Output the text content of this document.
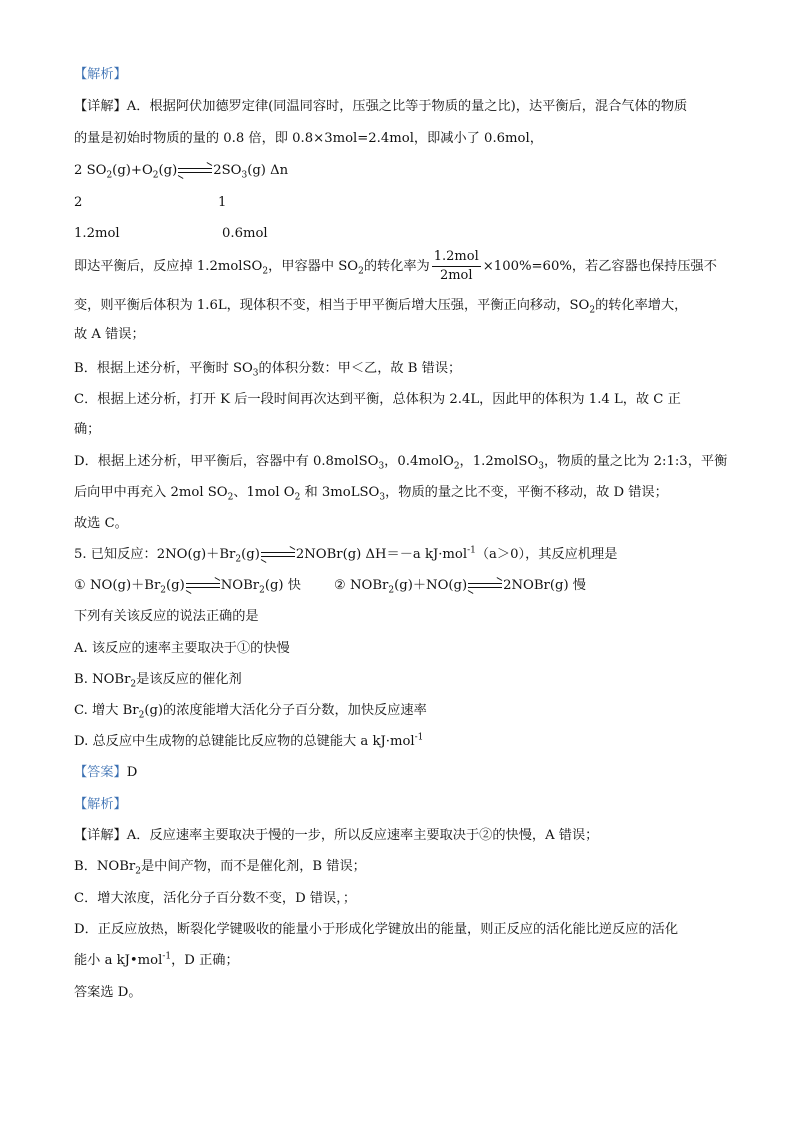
【解析】
【详解】A．根据阿伏加德罗定律(同温同容时，压强之比等于物质的量之比)，达平衡后，混合气体的物质
的量是初始时物质的量的 0.8 倍，即 0.8×3mol=2.4mol，即减小了 0.6mol，
2 $SO_2(g)+O_2(g)$	$2SO_3(g)$ Δn
2	1
1.2mol	0.6mol
即达平衡后，反应掉 1.2molSO$_2$，甲容器中 $SO_2$的转化率为 $\frac{\text{1.2mol}}{\text{2mol}} \times 100\%=60\%$，若乙容器也保持压强不
变，则平衡后体积为 1.6L，现体积不变，相当于甲平衡后增大压强，平衡正向移动，$SO_2$的转化率增大，
故 A 错误；
B．根据上述分析，平衡时 $SO_3$的体积分数：甲＜乙，故 B 错误；
C．根据上述分析，打开 K 后一段时间再次达到平衡，总体积为 2.4L，因此甲的体积为 1.4 L，故 C 正
确；
D．根据上述分析，甲平衡后，容器中有 0.8molSO$_3$，0.4molO$_2$，1.2molSO$_3$，物质的量之比为 2:1:3，平衡
后向甲中再充入 2mol $SO_2$、1mol $O_2$ 和 3moLSO$_3$，物质的量之比不变，平衡不移动，故 D 错误；
故选 C。
5. 已知反应：$2NO(g)+Br_2(g)$	2NOBr(g) ΔH＝－a kJ·mol$^{-1}$（a＞0），其反应机理是
① $NO(g)+Br_2(g)$	NOBr$_2$(g) 快	② NOBr$_2$(g)＋NO(g)	2NOBr(g) 慢
下列有关该反应的说法正确的是
A. 该反应的速率主要取决于①的快慢
B. NOBr$_2$是该反应的催化剂
C. 增大 $Br_2(g)$的浓度能增大活化分子百分数，加快反应速率
D. 总反应中生成物的总键能比反应物的总键能大 a kJ·mol$^{-1}$
【答案】D
【解析】
【详解】A．反应速率主要取决于慢的一步，所以反应速率主要取决于②的快慢，A 错误；
B．NOBr$_2$是中间产物，而不是催化剂，B 错误；
C．增大浓度，活化分子百分数不变，D 错误，；
D．正反应放热，断裂化学键吸收的能量小于形成化学键放出的能量，则正反应的活化能比逆反应的活化
能小 a kJ•mol$^{-1}$，D 正确；
答案选 D。
